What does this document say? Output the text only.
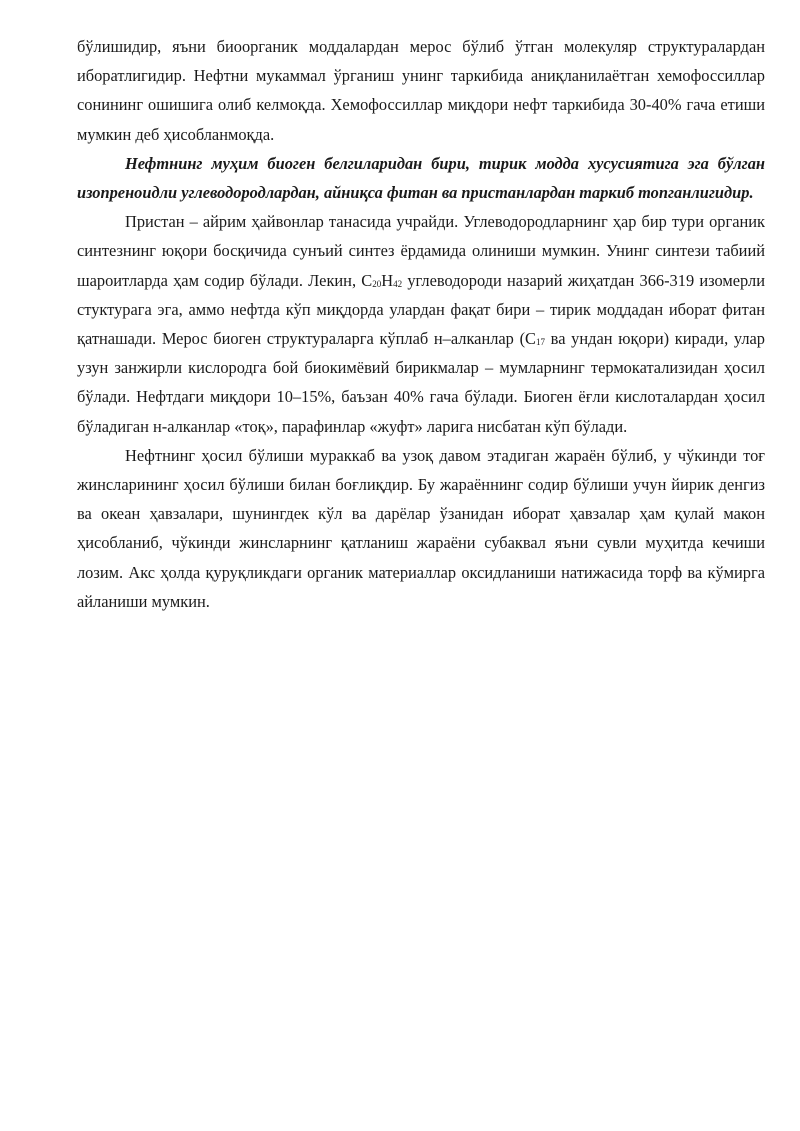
бўлишидир, яъни биоорганик моддалардан мерос бўлиб ўтган молекуляр структуралардан иборатлигидир. Нефтни мукаммал ўрганиш унинг таркибида аниқланилаётган хемофоссиллар сонининг ошишига олиб келмоқда. Хемофоссиллар миқдори нефт таркибида 30-40% гача етиши мумкин деб ҳисобланмоқда.

Нефтнинг муҳим биоген белгиларидан бири, тирик модда хусусиятига эга бўлган изопреноидли углеводородлардан, айниқса фитан ва пристанлардан таркиб топганлигидир.

Пристан – айрим ҳайвонлар танасида учрайди. Углеводородларнинг ҳар бир тури органик синтезнинг юқори босқичида сунъий синтез ёрдамида олиниши мумкин. Унинг синтези табиий шароитларда ҳам содир бўлади. Лекин, $C_{20}H_{42}$ углеводороди назарий жиҳатдан 366-319 изомерли стуктурага эга, аммо нефтда кўп миқдорда улардан фақат бири – тирик моддадан иборат фитан қатнашади. Мерос биоген структураларга кўплаб н–алканлар ($C_{17}$ ва ундан юқори) киради, улар узун занжирли кислородга бой биокимёвий бирикмалар – мумларнинг термокатализидан ҳосил бўлади. Нефтдаги миқдори 10–15%, баъзан 40% гача бўлади. Биоген ёғли кислоталардан ҳосил бўладиган н-алканлар «тоқ», парафинлар «жуфт» ларига нисбатан кўп бўлади.

Нефтнинг ҳосил бўлиши мураккаб ва узоқ давом этадиган жараён бўлиб, у чўкинди тоғ жинсларининг ҳосил бўлиши билан боғлиқдир. Бу жараённинг содир бўлиши учун йирик денгиз ва океан ҳавзалари, шунингдек кўл ва дарёлар ўзанидан иборат ҳавзалар ҳам қулай макон ҳисобланиб, чўкинди жинсларнинг қатланиш жараёни субаквал яъни сувли муҳитда кечиши лозим. Акс ҳолда қуруқликдаги органик материаллар оксидланиши натижасида торф ва кўмирга айланиши мумкин.
